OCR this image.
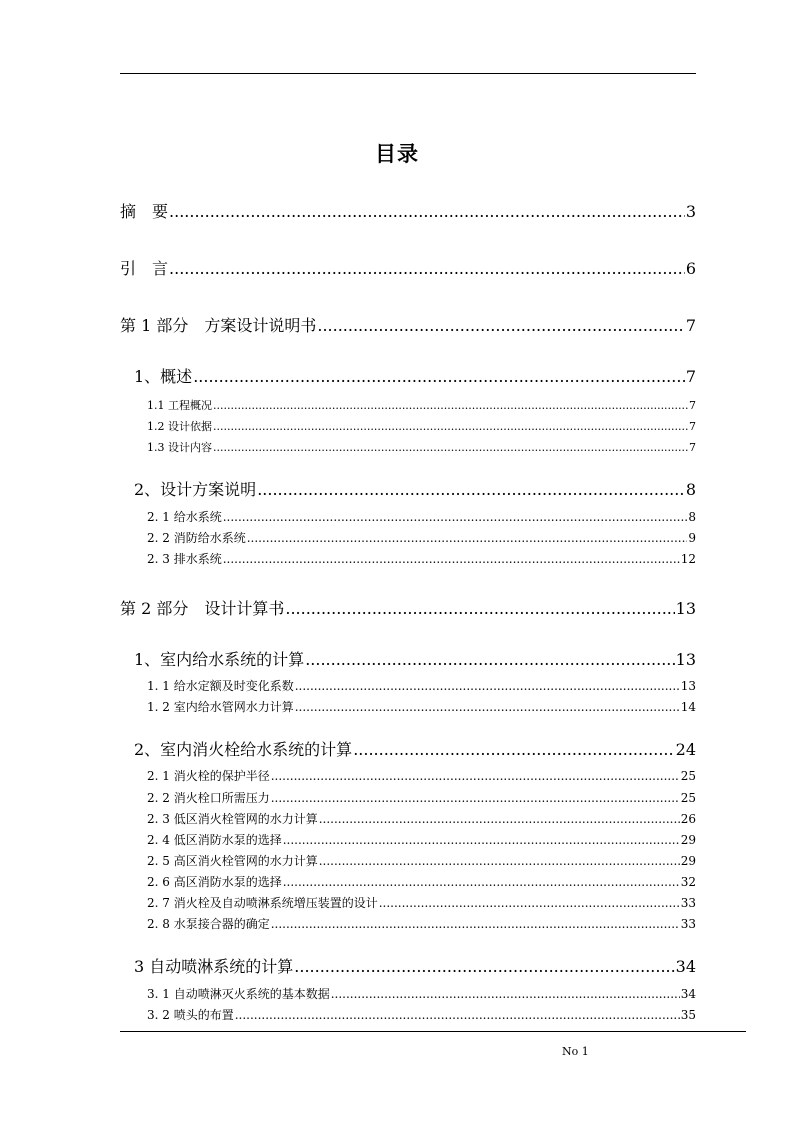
目录
摘　要 .....	3
引　言 .....	6
第 1 部分　方案设计说明书 .....	7
1、概述 .....	7
1.1 工程概况 .....	7
1.2 设计依据 .....	7
1.3 设计内容 .....	7
2、设计方案说明 .....	8
2. 1 给水系统 .....	8
2. 2 消防给水系统 .....	9
2. 3 排水系统 .....	12
第 2 部分　设计计算书 .....	13
1、室内给水系统的计算 .....	13
1. 1 给水定额及时变化系数 .....	13
1. 2 室内给水管网水力计算 .....	14
2、室内消火栓给水系统的计算 .....	24
2. 1 消火栓的保护半径 .....	25
2. 2 消火栓口所需压力 .....	25
2. 3 低区消火栓管网的水力计算 .....	26
2. 4 低区消防水泵的选择 .....	29
2. 5 高区消火栓管网的水力计算 .....	29
2. 6 高区消防水泵的选择 .....	32
2. 7 消火栓及自动喷淋系统增压装置的设计 .....	33
2. 8 水泵接合器的确定 .....	33
3 自动喷淋系统的计算 .....	34
3. 1 自动喷淋灭火系统的基本数据 .....	34
3. 2 喷头的布置 .....	35
No 1
